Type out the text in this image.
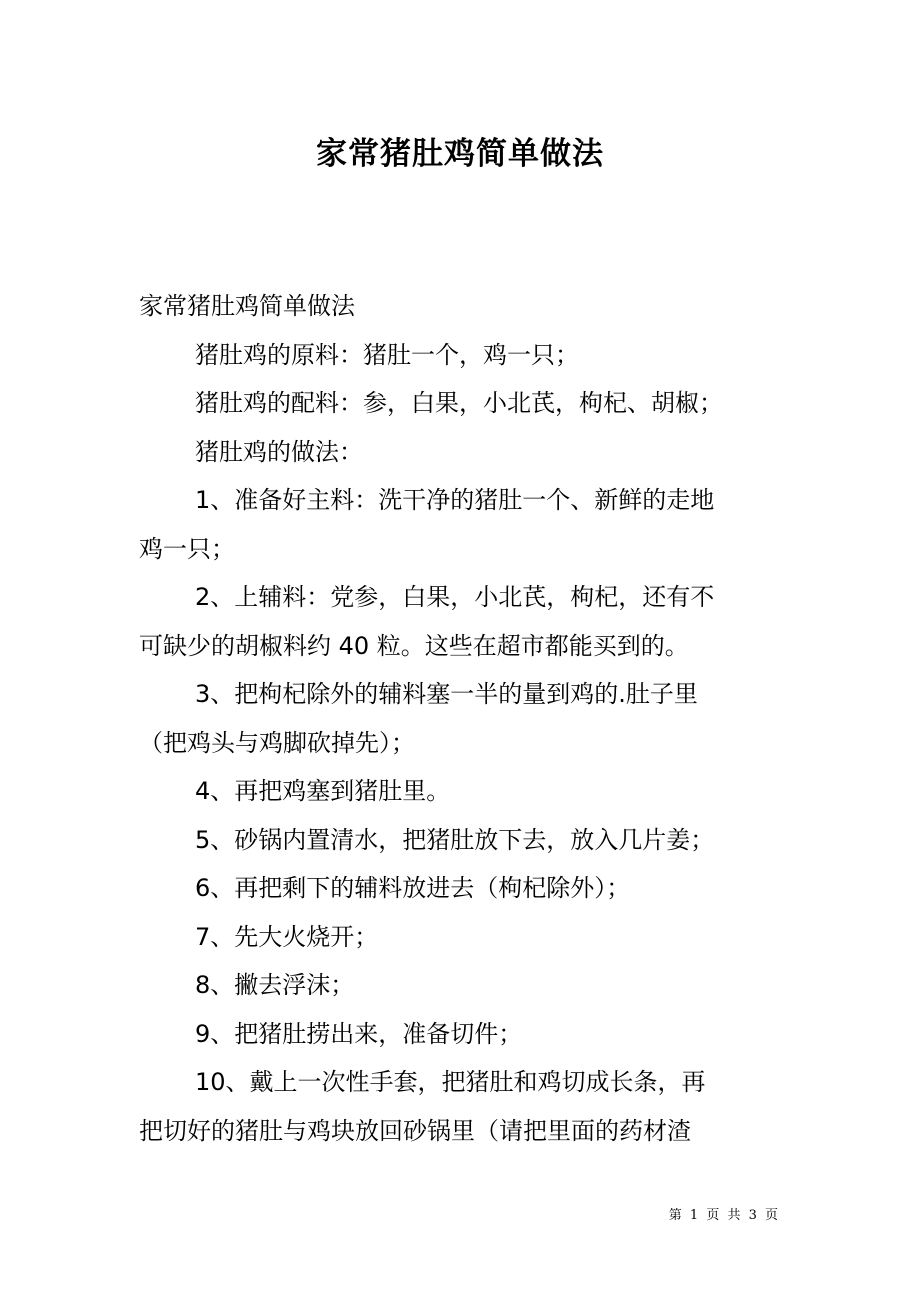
家常猪肚鸡简单做法

家常猪肚鸡简单做法

猪肚鸡的原料：猪肚一个，鸡一只；

猪肚鸡的配料：参，白果，小北芪，枸杞、胡椒；

猪肚鸡的做法：

1、准备好主料：洗干净的猪肚一个、新鲜的走地

鸡一只；

2、上辅料：党参，白果，小北芪，枸杞，还有不

可缺少的胡椒料约 40 粒。这些在超市都能买到的。

3、把枸杞除外的辅料塞一半的量到鸡的.肚子里

（把鸡头与鸡脚砍掉先）；

4、再把鸡塞到猪肚里。

5、砂锅内置清水，把猪肚放下去，放入几片姜；

6、再把剩下的辅料放进去（枸杞除外）；

7、先大火烧开；

8、撇去浮沫；

9、把猪肚捞出来，准备切件；

10、戴上一次性手套，把猪肚和鸡切成长条，再

把切好的猪肚与鸡块放回砂锅里（请把里面的药材渣

第 1 页 共 3 页
